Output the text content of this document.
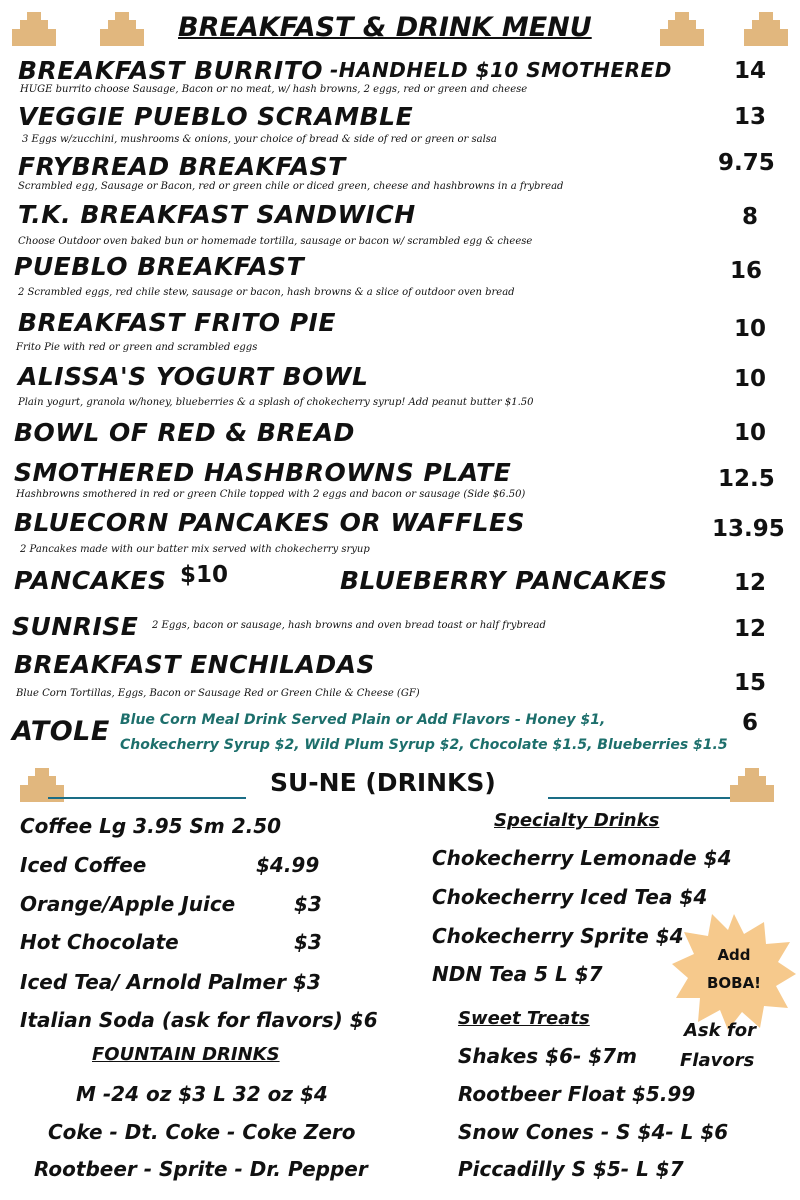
BREAKFAST & DRINK MENU
BREAKFAST BURRITO -HANDHELD $10 SMOTHERED
HUGE burrito choose Sausage, Bacon or no meat, w/ hash browns, 2 eggs, red or green and cheese
14
VEGGIE PUEBLO SCRAMBLE
3 Eggs w/zucchini, mushrooms & onions, your choice of bread & side of red or green or salsa
13
FRYBREAD BREAKFAST
Scrambled egg, Sausage or Bacon, red or green chile or diced green, cheese and hashbrowns in a frybread
9.75
T.K. BREAKFAST SANDWICH
Choose Outdoor oven baked bun or homemade tortilla, sausage or bacon w/ scrambled egg & cheese
8
PUEBLO BREAKFAST
2 Scrambled eggs, red chile stew, sausage or bacon, hash browns & a slice of outdoor oven bread
16
BREAKFAST FRITO PIE
Frito Pie with red or green and scrambled eggs
10
ALISSA'S YOGURT BOWL
Plain yogurt, granola w/honey, blueberries & a splash of chokecherry syrup! Add peanut butter $1.50
10
BOWL OF RED & BREAD	10
SMOTHERED HASHBROWNS PLATE
Hashbrowns smothered in red or green Chile topped with 2 eggs and bacon or sausage (Side $6.50)
12.5
BLUECORN PANCAKES OR WAFFLES
2 Pancakes made with our batter mix served with chokecherry sryup
13.95
PANCAKES $10	BLUEBERRY PANCAKES	12
SUNRISE 2 Eggs, bacon or sausage, hash browns and oven bread toast or half frybread	12
BREAKFAST ENCHILADAS
Blue Corn Tortillas, Eggs, Bacon or Sausage Red or Green Chile & Cheese (GF)	15
ATOLE Blue Corn Meal Drink Served Plain or Add Flavors - Honey $1,
Chokecherry Syrup $2, Wild Plum Syrup $2, Chocolate $1.5, Blueberries $1.5
6
SU-NE (DRINKS)
Coffee Lg 3.95 Sm 2.50
Iced Coffee	$4.99
Orange/Apple Juice	$3
Hot Chocolate	$3
Iced Tea/ Arnold Palmer $3
Italian Soda (ask for flavors) $6
FOUNTAIN DRINKS
M -24 oz $3 L 32 oz $4
Coke - Dt. Coke - Coke Zero
Rootbeer - Sprite - Dr. Pepper
Specialty Drinks
Chokecherry Lemonade $4
Chokecherry Iced Tea $4
Chokecherry Sprite $4
NDN Tea 5 L $7
Sweet Treats
Shakes $6- $7m
Rootbeer Float $5.99
Snow Cones - S $4- L $6
Piccadilly S $5- L $7
Add
BOBA!
Ask for
Flavors
